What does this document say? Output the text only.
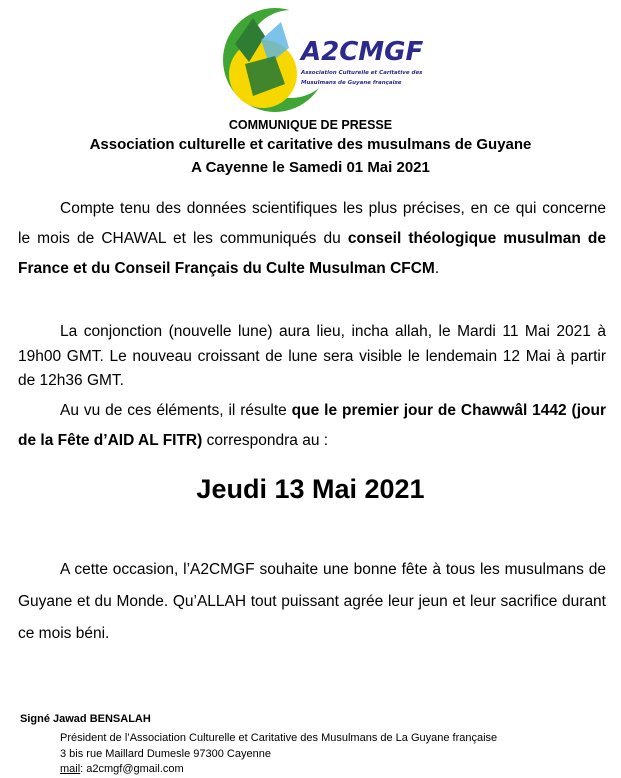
A2CMGF
Association Culturelle et Caritative des
Musulmans de Guyane française
COMMUNIQUE DE PRESSE
Association culturelle et caritative des musulmans de Guyane
A Cayenne le Samedi 01 Mai 2021
Compte tenu des données scientifiques les plus précises, en ce qui concerne le mois de CHAWAL et les communiqués du conseil théologique musulman de France et du Conseil Français du Culte Musulman CFCM.
La conjonction (nouvelle lune) aura lieu, incha allah, le Mardi 11 Mai 2021 à 19h00 GMT. Le nouveau croissant de lune sera visible le lendemain 12 Mai à partir de 12h36 GMT.
Au vu de ces éléments, il résulte que le premier jour de Chawwâl 1442 (jour de la Fête d’AID AL FITR) correspondra au :
Jeudi 13 Mai 2021
A cette occasion, l’A2CMGF souhaite une bonne fête à tous les musulmans de Guyane et du Monde. Qu’ALLAH tout puissant agrée leur jeun et leur sacrifice durant ce mois béni.
Signé Jawad BENSALAH
Président de l’Association Culturelle et Caritative des Musulmans de La Guyane française
3 bis rue Maillard Dumesle 97300 Cayenne
mail: a2cmgf@gmail.com
